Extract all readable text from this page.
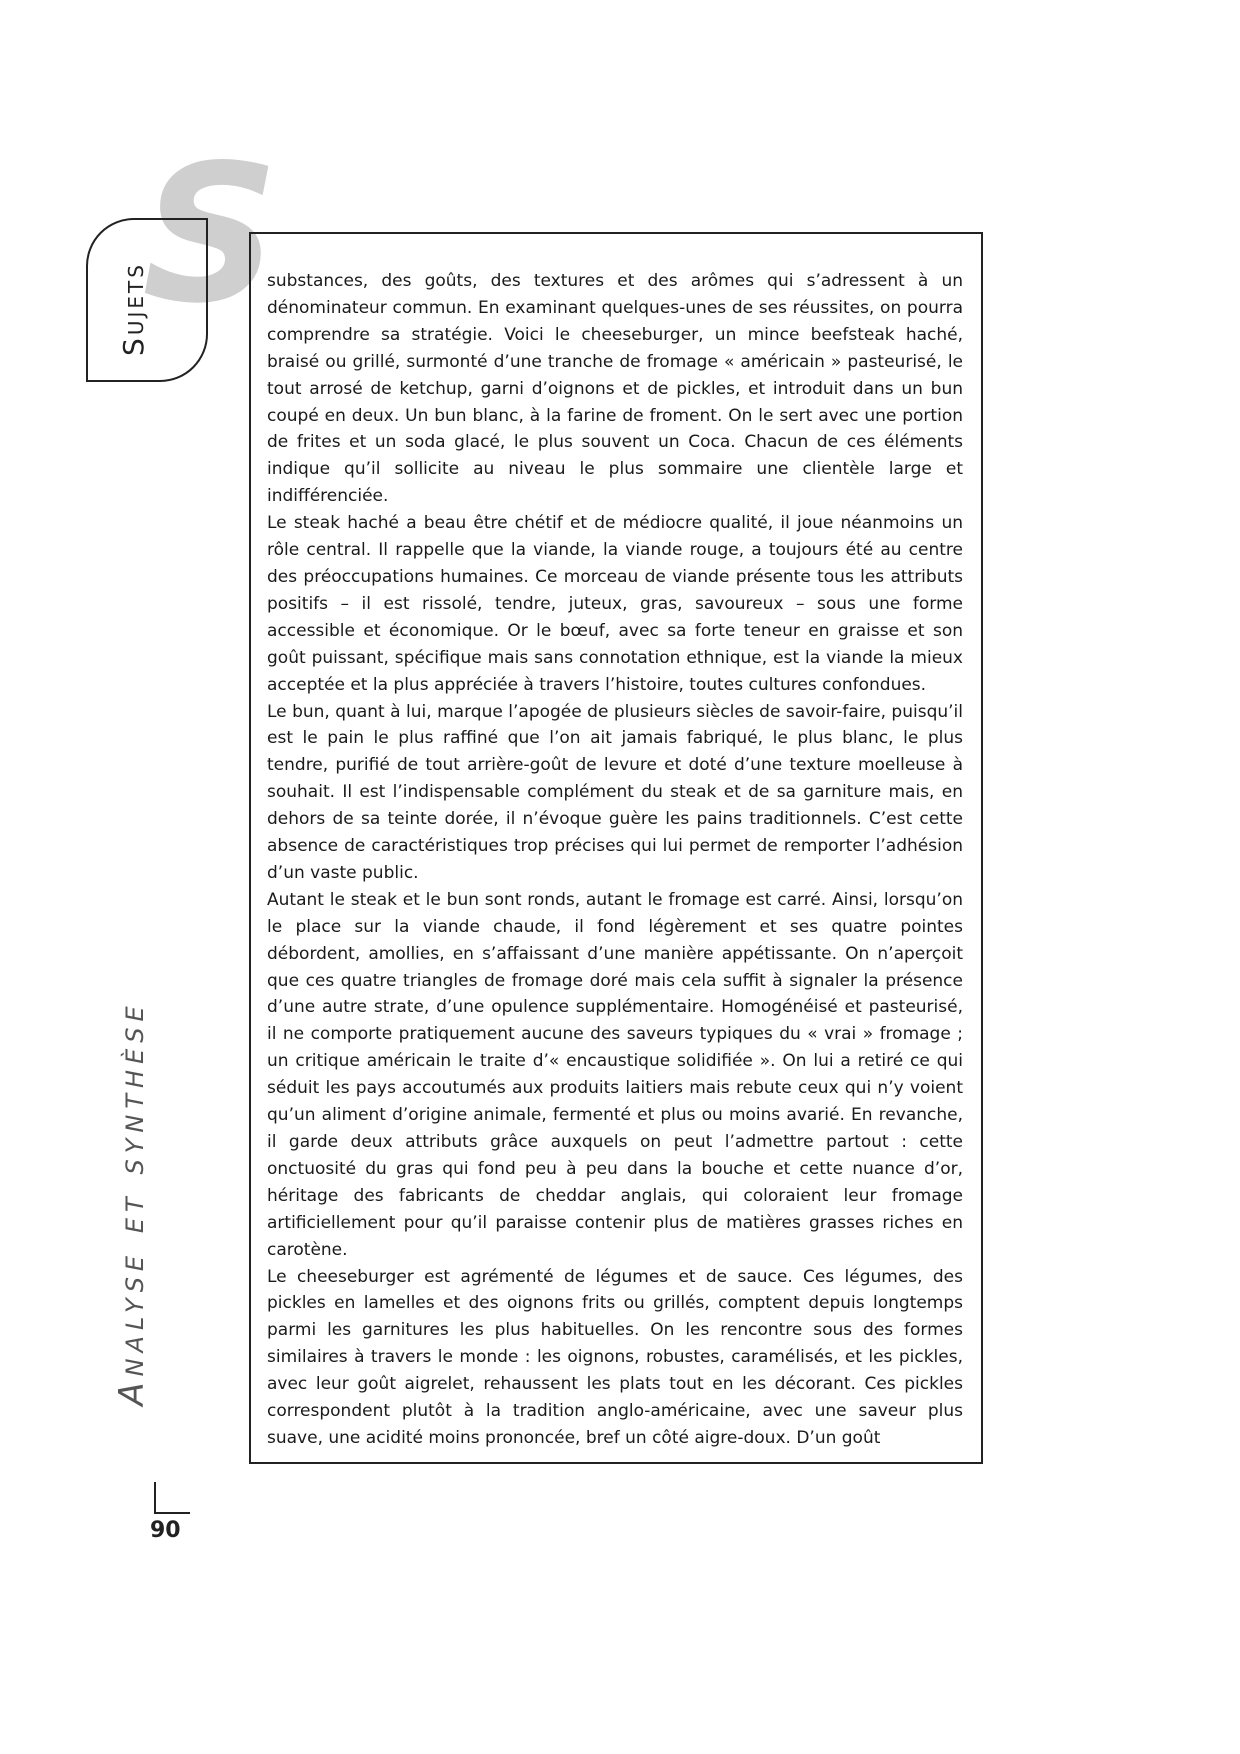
S
Sujets
Analyse et synthèse
90

substances, des goûts, des textures et des arômes qui s’adressent à un dénominateur commun. En examinant quelques-unes de ses réussites, on pourra comprendre sa stratégie. Voici le cheeseburger, un mince beefsteak haché, braisé ou grillé, surmonté d’une tranche de fromage « américain » pasteurisé, le tout arrosé de ketchup, garni d’oignons et de pickles, et introduit dans un bun coupé en deux. Un bun blanc, à la farine de froment. On le sert avec une portion de frites et un soda glacé, le plus souvent un Coca. Chacun de ces éléments indique qu’il sollicite au niveau le plus sommaire une clientèle large et indifférenciée.

Le steak haché a beau être chétif et de médiocre qualité, il joue néanmoins un rôle central. Il rappelle que la viande, la viande rouge, a toujours été au centre des préoccupations humaines. Ce morceau de viande présente tous les attributs positifs – il est rissolé, tendre, juteux, gras, savoureux – sous une forme accessible et économique. Or le bœuf, avec sa forte teneur en graisse et son goût puissant, spécifique mais sans connotation ethnique, est la viande la mieux acceptée et la plus appréciée à travers l’histoire, toutes cultures confondues.

Le bun, quant à lui, marque l’apogée de plusieurs siècles de savoir-faire, puisqu’il est le pain le plus raffiné que l’on ait jamais fabriqué, le plus blanc, le plus tendre, purifié de tout arrière-goût de levure et doté d’une texture moelleuse à souhait. Il est l’indispensable complément du steak et de sa garniture mais, en dehors de sa teinte dorée, il n’évoque guère les pains traditionnels. C’est cette absence de caractéristiques trop précises qui lui permet de remporter l’adhésion d’un vaste public.

Autant le steak et le bun sont ronds, autant le fromage est carré. Ainsi, lorsqu’on le place sur la viande chaude, il fond légèrement et ses quatre pointes débordent, amollies, en s’affaissant d’une manière appétissante. On n’aperçoit que ces quatre triangles de fromage doré mais cela suffit à signaler la présence d’une autre strate, d’une opulence supplémentaire. Homogénéisé et pasteurisé, il ne comporte pratiquement aucune des saveurs typiques du « vrai » fromage ; un critique américain le traite d’« encaustique solidifiée ». On lui a retiré ce qui séduit les pays accoutumés aux produits laitiers mais rebute ceux qui n’y voient qu’un aliment d’origine animale, fermenté et plus ou moins avarié. En revanche, il garde deux attributs grâce auxquels on peut l’admettre partout : cette onctuosité du gras qui fond peu à peu dans la bouche et cette nuance d’or, héritage des fabricants de cheddar anglais, qui coloraient leur fromage artificiellement pour qu’il paraisse contenir plus de matières grasses riches en carotène.

Le cheeseburger est agrémenté de légumes et de sauce. Ces légumes, des pickles en lamelles et des oignons frits ou grillés, comptent depuis longtemps parmi les garnitures les plus habituelles. On les rencontre sous des formes similaires à travers le monde : les oignons, robustes, caramélisés, et les pickles, avec leur goût aigrelet, rehaussent les plats tout en les décorant. Ces pickles correspondent plutôt à la tradition anglo-américaine, avec une saveur plus suave, une acidité moins prononcée, bref un côté aigre-doux. D’un goût
